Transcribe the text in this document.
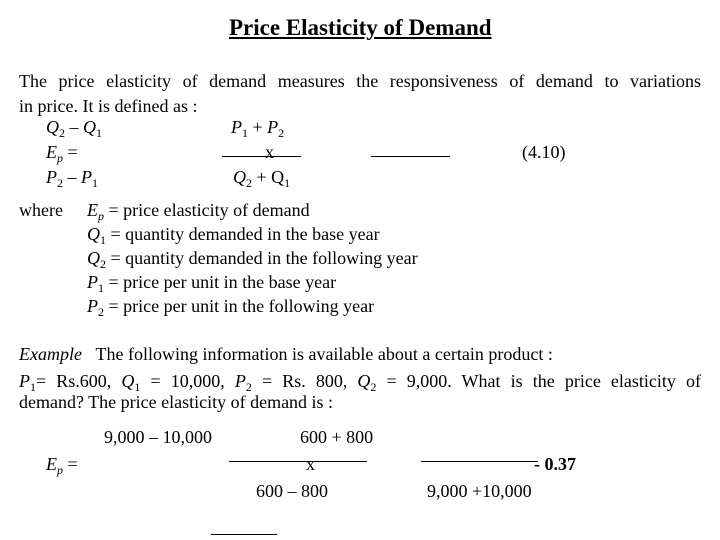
Price Elasticity of Demand
The price elasticity of demand measures the responsiveness of demand to variations
in price. It is defined as :
$Q_2 - Q_1$	$P_1 + P_2$
$E_p$ =	x	(4.10)
$P_2 - P_1$	$Q_2 + Q_1$
where $E_p$ = price elasticity of demand
$Q_1$ = quantity demanded in the base year
$Q_2$ = quantity demanded in the following year
$P_1$ = price per unit in the base year
$P_2$ = price per unit in the following year
Example The following information is available about a certain product :
$P_1= Rs.600$, $Q_1 = 10,000$, $P_2 = Rs$. 800, $Q_2 = 9,000$. What is the price elasticity of
demand? The price elasticity of demand is :
9,000 – 10,000	600 + 800
$E_p$ =	x	- 0.37
600 – 800	9,000 +10,000
